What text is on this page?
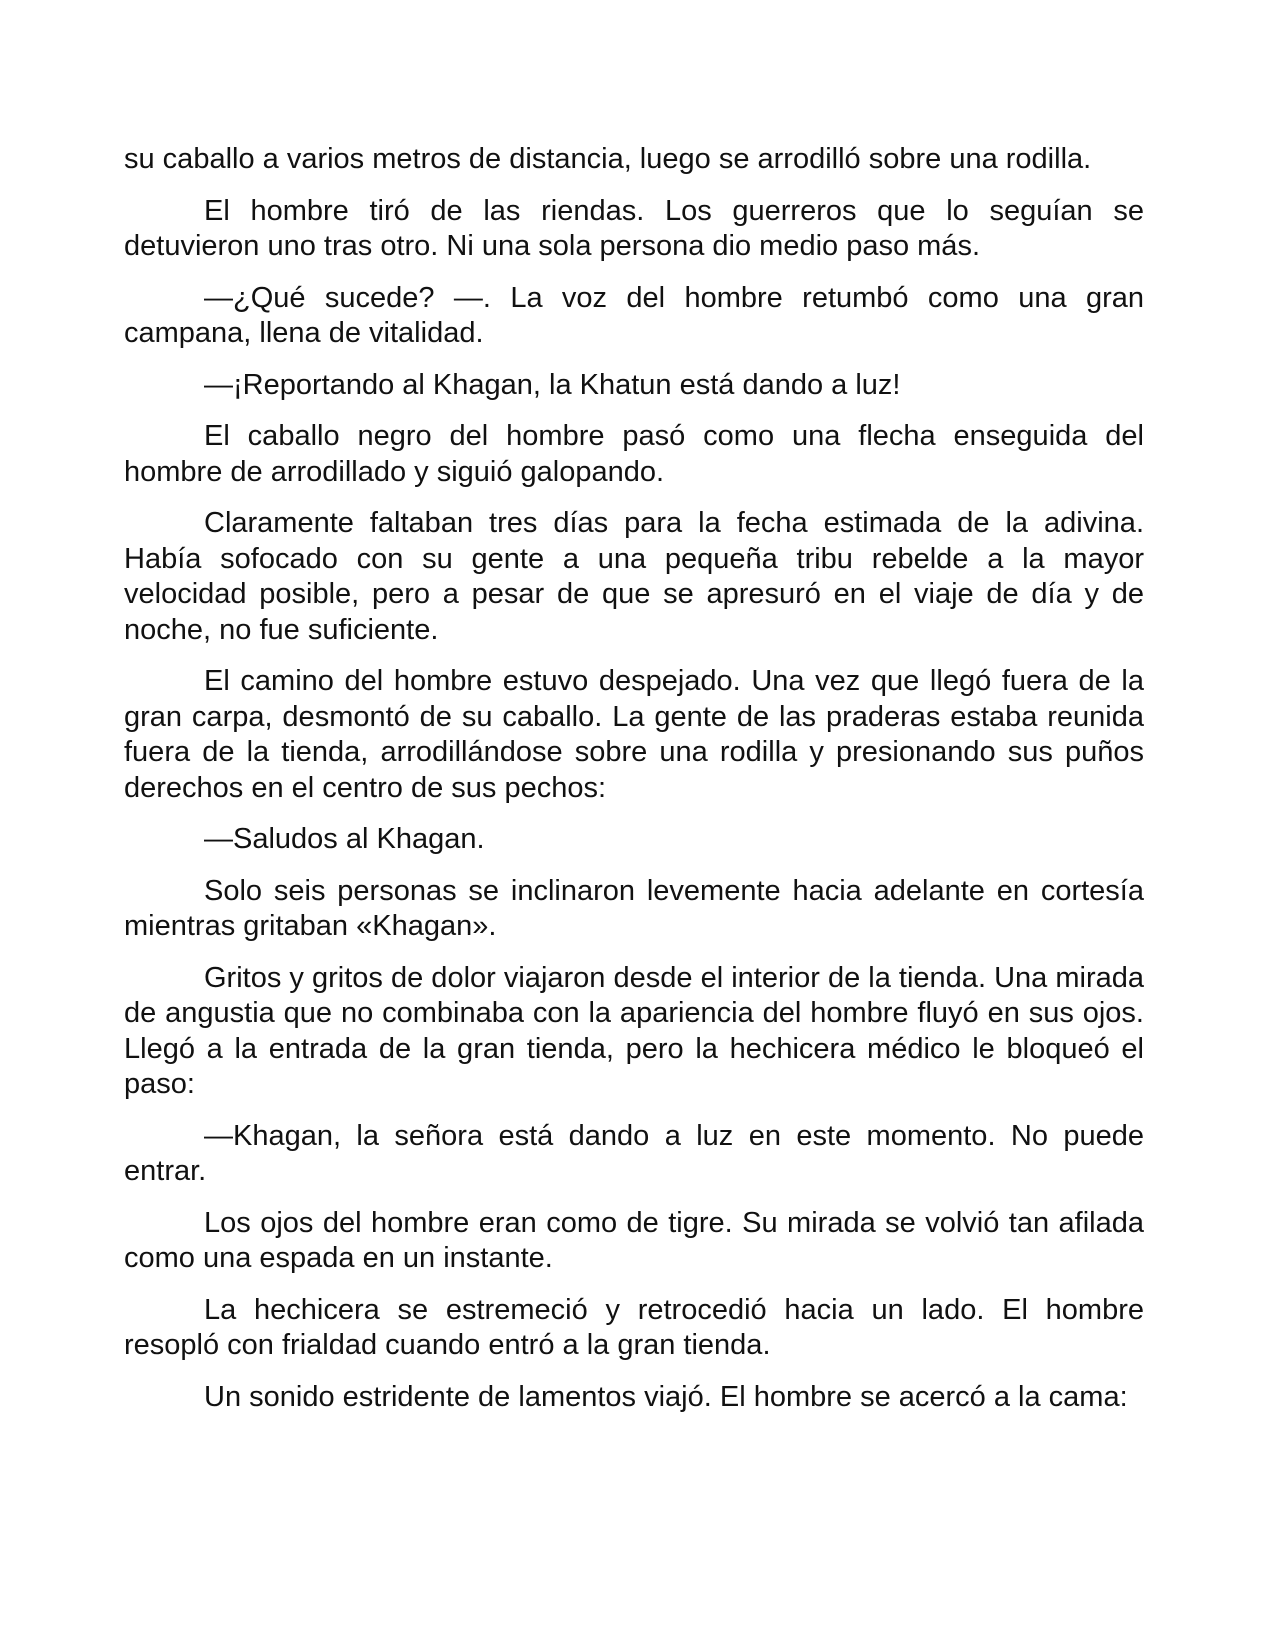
su caballo a varios metros de distancia, luego se arrodilló sobre una rodilla.

El hombre tiró de las riendas. Los guerreros que lo seguían se detuvieron uno tras otro. Ni una sola persona dio medio paso más.

—¿Qué sucede? —. La voz del hombre retumbó como una gran campana, llena de vitalidad.

—¡Reportando al Khagan, la Khatun está dando a luz!

El caballo negro del hombre pasó como una flecha enseguida del hombre de arrodillado y siguió galopando.

Claramente faltaban tres días para la fecha estimada de la adivina. Había sofocado con su gente a una pequeña tribu rebelde a la mayor velocidad posible, pero a pesar de que se apresuró en el viaje de día y de noche, no fue suficiente.

El camino del hombre estuvo despejado. Una vez que llegó fuera de la gran carpa, desmontó de su caballo. La gente de las praderas estaba reunida fuera de la tienda, arrodillándose sobre una rodilla y presionando sus puños derechos en el centro de sus pechos:

—Saludos al Khagan.

Solo seis personas se inclinaron levemente hacia adelante en cortesía mientras gritaban «Khagan».

Gritos y gritos de dolor viajaron desde el interior de la tienda. Una mirada de angustia que no combinaba con la apariencia del hombre fluyó en sus ojos. Llegó a la entrada de la gran tienda, pero la hechicera médico le bloqueó el paso:

—Khagan, la señora está dando a luz en este momento. No puede entrar.

Los ojos del hombre eran como de tigre. Su mirada se volvió tan afilada como una espada en un instante.

La hechicera se estremeció y retrocedió hacia un lado. El hombre resopló con frialdad cuando entró a la gran tienda.

Un sonido estridente de lamentos viajó. El hombre se acercó a la cama:
